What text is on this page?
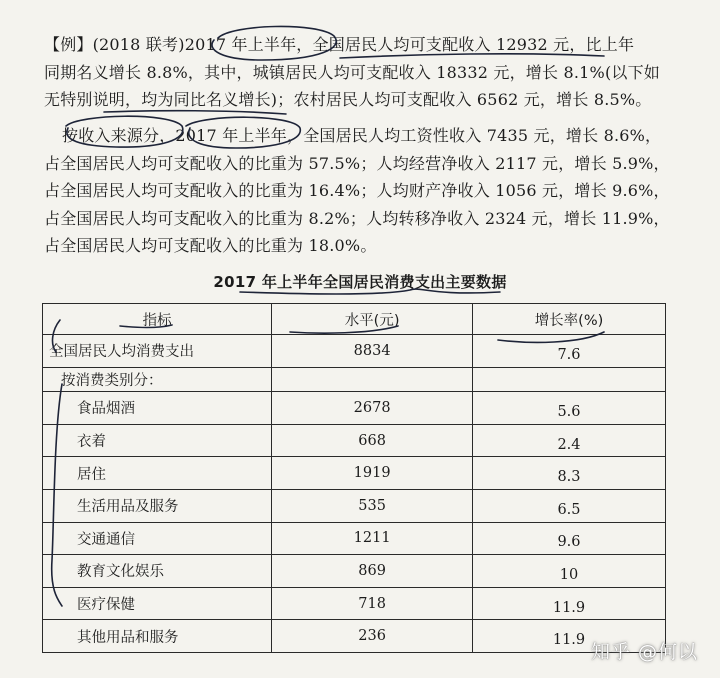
【例】(2018 联考)2017 年上半年，全国居民人均可支配收入 12932 元，比上年
同期名义增长 8.8%，其中，城镇居民人均可支配收入 18332 元，增长 8.1%(以下如
无特别说明，均为同比名义增长)；农村居民人均可支配收入 6562 元，增长 8.5%。
按收入来源分，2017 年上半年，全国居民人均工资性收入 7435 元，增长 8.6%，
占全国居民人均可支配收入的比重为 57.5%；人均经营净收入 2117 元，增长 5.9%，
占全国居民人均可支配收入的比重为 16.4%；人均财产净收入 1056 元，增长 9.6%，
占全国居民人均可支配收入的比重为 8.2%；人均转移净收入 2324 元，增长 11.9%，
占全国居民人均可支配收入的比重为 18.0%。
2017 年上半年全国居民消费支出主要数据
指标	水平(元)	增长率(%)
全国居民人均消费支出	8834	7.6
按消费类别分：		
食品烟酒	2678	5.6
衣着	668	2.4
居住	1919	8.3
生活用品及服务	535	6.5
交通通信	1211	9.6
教育文化娱乐	869	10
医疗保健	718	11.9
其他用品和服务	236	11.9
知乎 @何以
